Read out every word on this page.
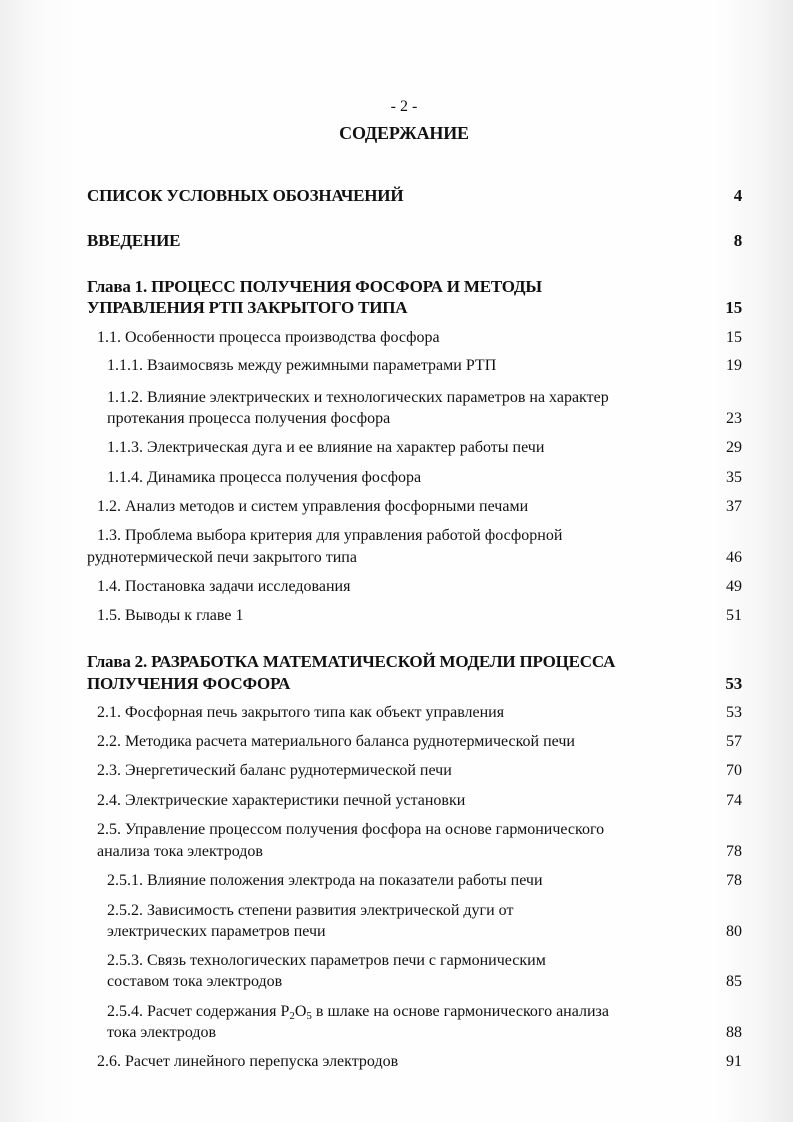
- 2 -
СОДЕРЖАНИЕ
СПИСОК УСЛОВНЫХ ОБОЗНАЧЕНИЙ	4
ВВЕДЕНИЕ	8
Глава 1. ПРОЦЕСС ПОЛУЧЕНИЯ ФОСФОРА И МЕТОДЫ
УПРАВЛЕНИЯ РТП ЗАКРЫТОГО ТИПА	15
1.1. Особенности процесса производства фосфора	15
1.1.1. Взаимосвязь между режимными параметрами РТП	19
1.1.2. Влияние электрических и технологических параметров на характер
протекания процесса получения фосфора	23
1.1.3. Электрическая дуга и ее влияние на характер работы печи	29
1.1.4. Динамика процесса получения фосфора	35
1.2. Анализ методов и систем управления фосфорными печами	37
1.3. Проблема выбора критерия для управления работой фосфорной
руднотермической печи закрытого типа	46
1.4. Постановка задачи исследования	49
1.5. Выводы к главе 1	51
Глава 2. РАЗРАБОТКА МАТЕМАТИЧЕСКОЙ МОДЕЛИ ПРОЦЕССА
ПОЛУЧЕНИЯ ФОСФОРА	53
2.1. Фосфорная печь закрытого типа как объект управления	53
2.2. Методика расчета материального баланса руднотермической печи	57
2.3. Энергетический баланс руднотермической печи	70
2.4. Электрические характеристики печной установки	74
2.5. Управление процессом получения фосфора на основе гармонического
анализа тока электродов	78
2.5.1. Влияние положения электрода на показатели работы печи	78
2.5.2. Зависимость степени развития электрической дуги от
электрических параметров печи	80
2.5.3. Связь технологических параметров печи с гармоническим
составом тока электродов	85
2.5.4. Расчет содержания $P_2O_5$ в шлаке на основе гармонического анализа
тока электродов	88
2.6. Расчет линейного перепуска электродов	91
